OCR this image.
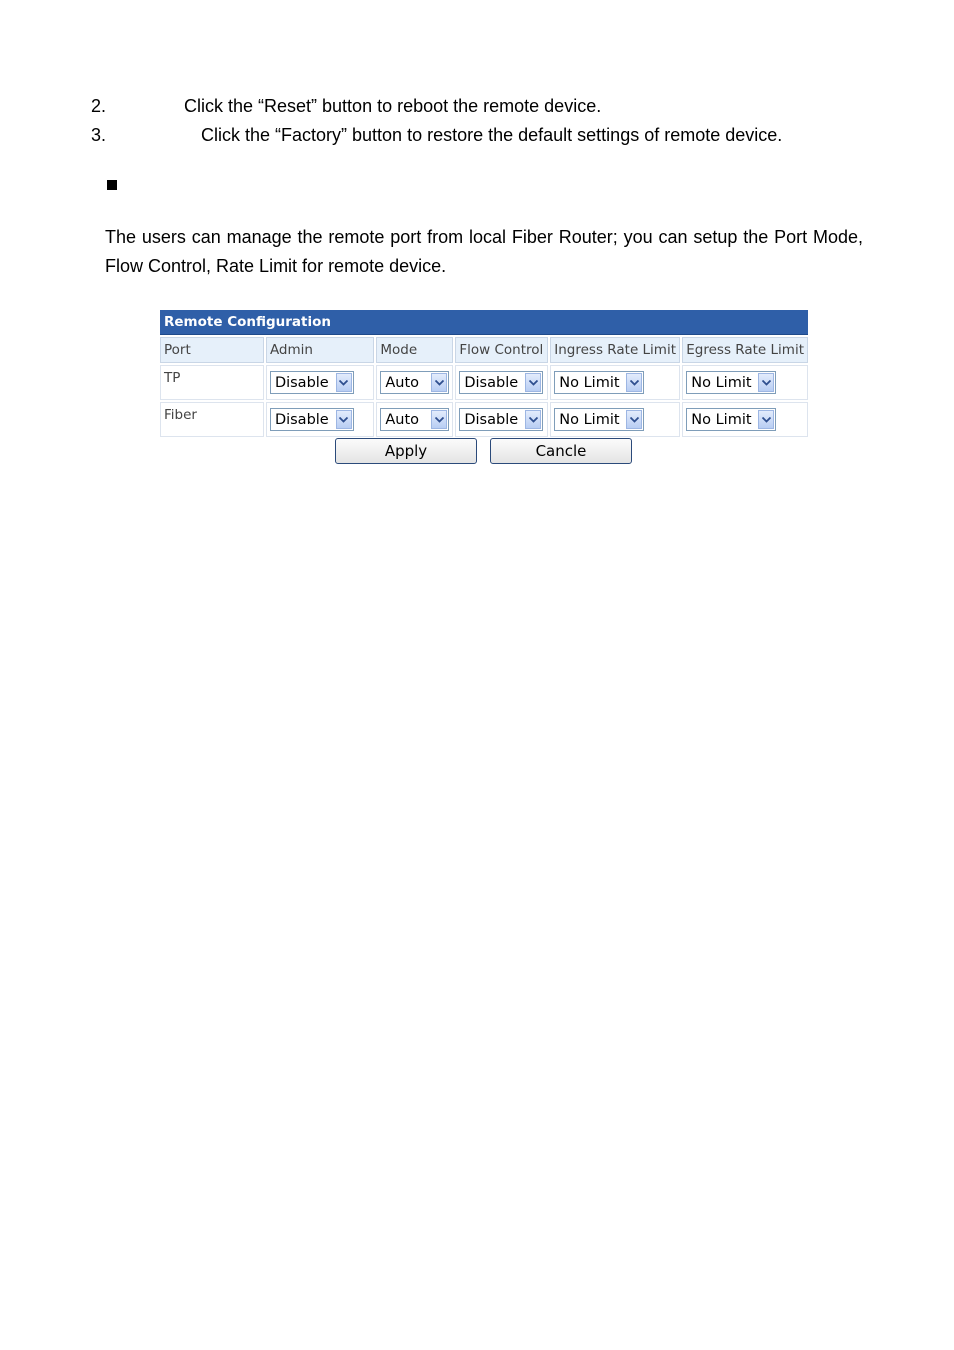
2.	Click the “Reset” button to reboot the remote device.
3.	Click the “Factory” button to restore the default settings of remote device.
The users can manage the remote port from local Fiber Router; you can setup the Port Mode, Flow Control, Rate Limit for remote device.
Remote Configuration
Port	Admin	Mode	Flow Control	Ingress Rate Limit	Egress Rate Limit
TP	Disable	Auto	Disable	No Limit	No Limit

Fiber	Disable	Auto	Disable	No Limit	No Limit
Apply	Cancle
